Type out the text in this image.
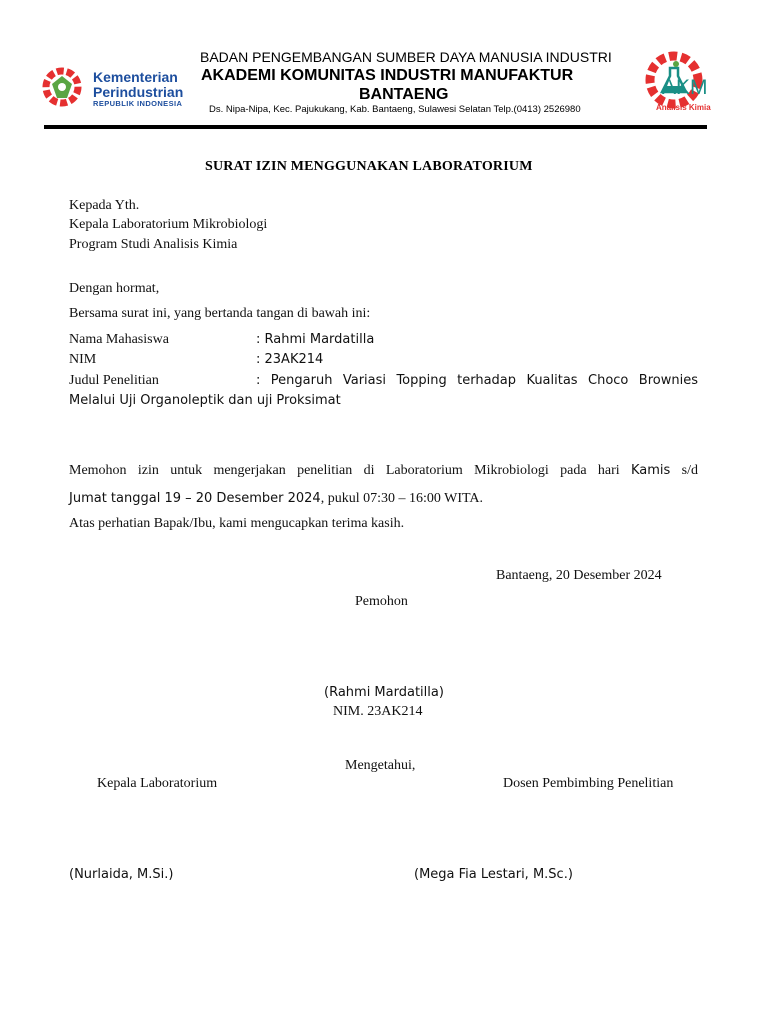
Kementerian
Perindustrian
REPUBLIK INDONESIA
BADAN PENGEMBANGAN SUMBER DAYA MANUSIA INDUSTRI
AKADEMI KOMUNITAS INDUSTRI MANUFAKTUR
BANTAENG
Ds. Nipa-Nipa, Kec. Pajukukang, Kab. Bantaeng, Sulawesi Selatan Telp.(0413) 2526980
AKM
Analisis Kimia
SURAT IZIN MENGGUNAKAN LABORATORIUM
Kepada Yth.
Kepala Laboratorium Mikrobiologi
Program Studi Analisis Kimia
Dengan hormat,
Bersama surat ini, yang bertanda tangan di bawah ini:
Nama Mahasiswa	: Rahmi Mardatilla
NIM	: 23AK214
Judul Penelitian	: Pengaruh Variasi Topping terhadap Kualitas Choco Brownies
Melalui Uji Organoleptik dan uji Proksimat
Memohon izin untuk mengerjakan penelitian di Laboratorium Mikrobiologi pada hari Kamis s/d
Jumat tanggal 19 – 20 Desember 2024, pukul 07:30 – 16:00 WITA.
Atas perhatian Bapak/Ibu, kami mengucapkan terima kasih.
Bantaeng, 20 Desember 2024
Pemohon
(Rahmi Mardatilla)
NIM. 23AK214
Mengetahui,
Kepala Laboratorium	Dosen Pembimbing Penelitian
(Nurlaida, M.Si.)	(Mega Fia Lestari, M.Sc.)
